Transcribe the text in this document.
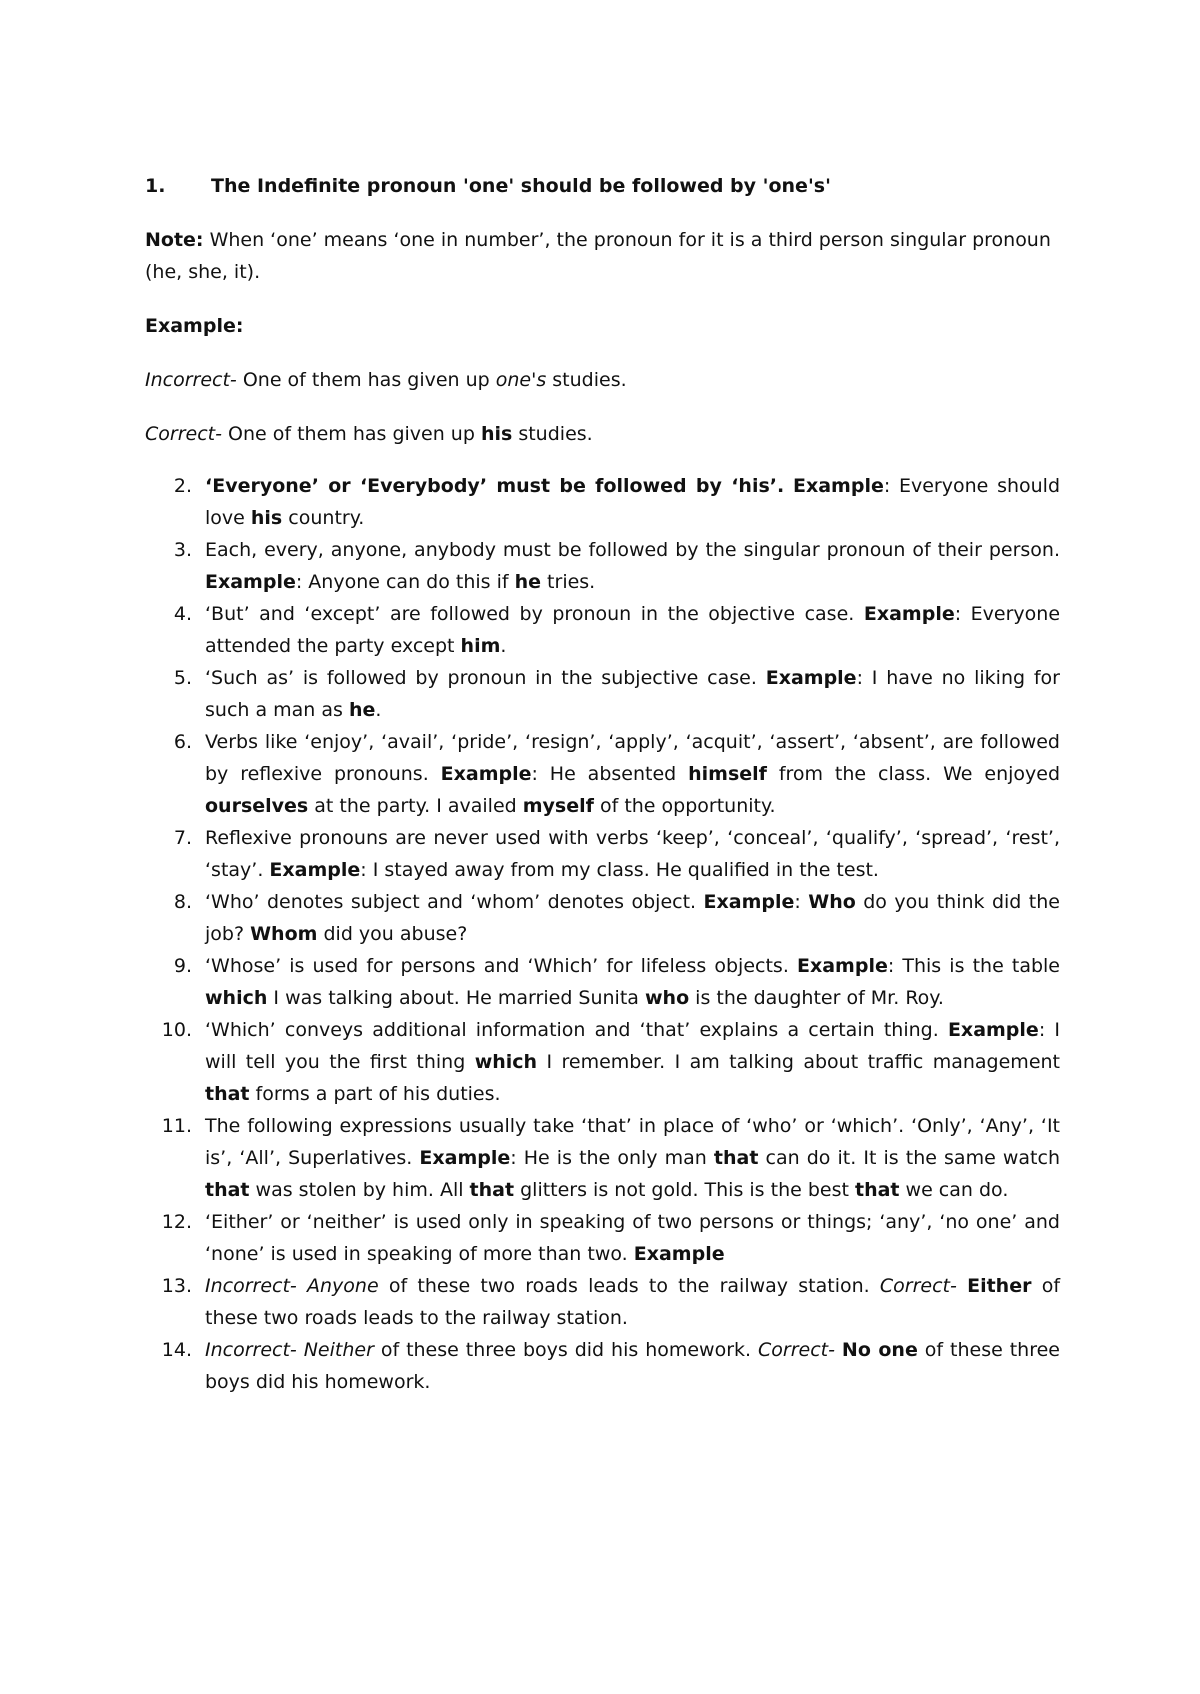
1. The Indefinite pronoun 'one' should be followed by 'one's'

Note: When ‘one’ means ‘one in number’, the pronoun for it is a third person singular pronoun (he, she, it).

Example:

Incorrect- One of them has given up one's studies.

Correct- One of them has given up his studies.

2. ‘Everyone’ or ‘Everybody’ must be followed by ‘his’. Example: Everyone should love his country.
3. Each, every, anyone, anybody must be followed by the singular pronoun of their person. Example: Anyone can do this if he tries.
4. ‘But’ and ‘except’ are followed by pronoun in the objective case. Example: Everyone attended the party except him.
5. ‘Such as’ is followed by pronoun in the subjective case. Example: I have no liking for such a man as he.
6. Verbs like ‘enjoy’, ‘avail’, ‘pride’, ‘resign’, ‘apply’, ‘acquit’, ‘assert’, ‘absent’, are followed by reflexive pronouns. Example: He absented himself from the class. We enjoyed ourselves at the party. I availed myself of the opportunity.
7. Reflexive pronouns are never used with verbs ‘keep’, ‘conceal’, ‘qualify’, ‘spread’, ‘rest’, ‘stay’. Example: I stayed away from my class. He qualified in the test.
8. ‘Who’ denotes subject and ‘whom’ denotes object. Example: Who do you think did the job? Whom did you abuse?
9. ‘Whose’ is used for persons and ‘Which’ for lifeless objects. Example: This is the table which I was talking about. He married Sunita who is the daughter of Mr. Roy.
10. ‘Which’ conveys additional information and ‘that’ explains a certain thing. Example: I will tell you the first thing which I remember. I am talking about traffic management that forms a part of his duties.
11. The following expressions usually take ‘that’ in place of ‘who’ or ‘which’. ‘Only’, ‘Any’, ‘It is’, ‘All’, Superlatives. Example: He is the only man that can do it. It is the same watch that was stolen by him. All that glitters is not gold. This is the best that we can do.
12. ‘Either’ or ‘neither’ is used only in speaking of two persons or things; ‘any’, ‘no one’ and ‘none’ is used in speaking of more than two. Example
13. Incorrect- Anyone of these two roads leads to the railway station. Correct- Either of these two roads leads to the railway station.
14. Incorrect- Neither of these three boys did his homework. Correct- No one of these three boys did his homework.
